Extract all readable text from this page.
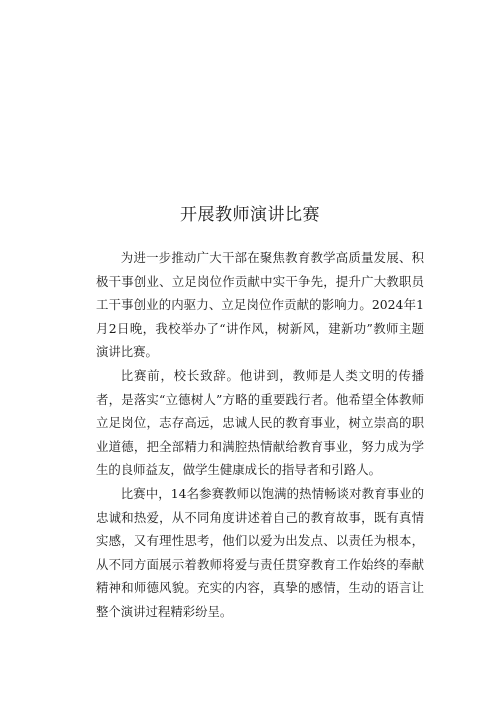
开展教师演讲比赛

为进一步推动广大干部在聚焦教育教学高质量发展、积极干事创业、立足岗位作贡献中实干争先，提升广大教职员工干事创业的内驱力、立足岗位作贡献的影响力。2024年1月2日晚，我校举办了“讲作风，树新风，建新功”教师主题演讲比赛。

比赛前，校长致辞。他讲到，教师是人类文明的传播者，是落实“立德树人”方略的重要践行者。他希望全体教师立足岗位，志存高远，忠诚人民的教育事业，树立崇高的职业道德，把全部精力和满腔热情献给教育事业，努力成为学生的良师益友，做学生健康成长的指导者和引路人。

比赛中，14名参赛教师以饱满的热情畅谈对教育事业的忠诚和热爱，从不同角度讲述着自己的教育故事，既有真情实感，又有理性思考，他们以爱为出发点、以责任为根本，从不同方面展示着教师将爱与责任贯穿教育工作始终的奉献精神和师德风貌。充实的内容，真挚的感情，生动的语言让整个演讲过程精彩纷呈。
